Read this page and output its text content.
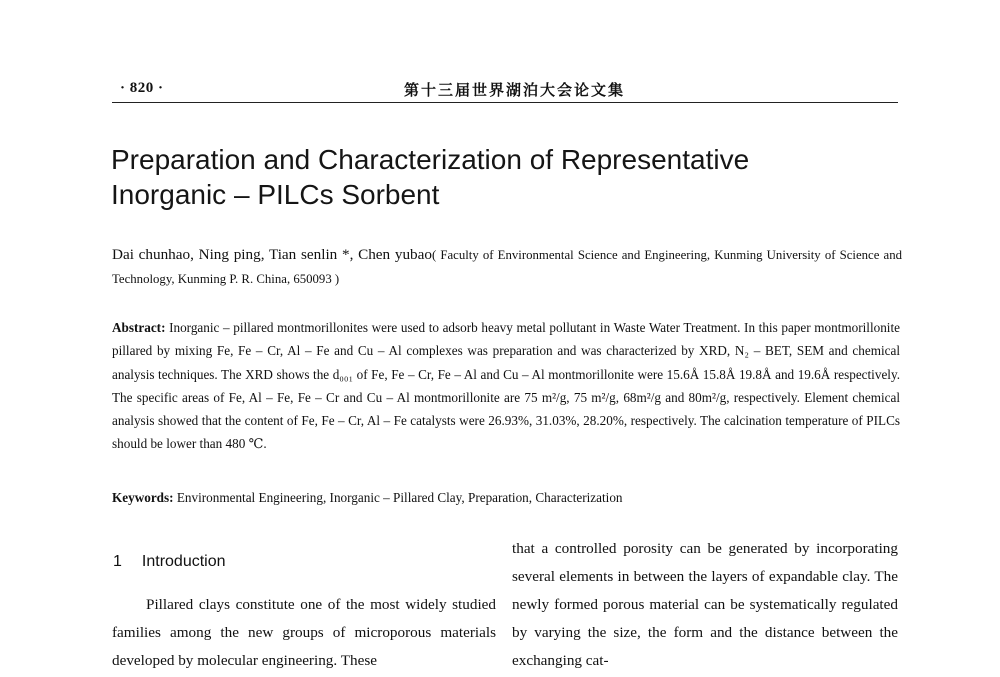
· 820 ·	第十三届世界湖泊大会论文集
Preparation and Characterization of Representative
Inorganic – PILCs Sorbent
Dai chunhao, Ning ping, Tian senlin *, Chen yubao( Faculty of Environmental Science and Engineering, Kunming University of Science and Technology, Kunming P. R. China, 650093 )
Abstract: Inorganic – pillared montmorillonites were used to adsorb heavy metal pollutant in Waste Water Treatment. In this paper montmorillonite pillared by mixing Fe, Fe – Cr, Al – Fe and Cu – Al complexes was preparation and was characterized by XRD, N₂ – BET, SEM and chemical analysis techniques. The XRD shows the d₀₀₁ of Fe, Fe – Cr, Fe – Al and Cu – Al montmorillonite were 15.6Å 15.8Å 19.8Å and 19.6Å respectively. The specific areas of Fe, Al – Fe, Fe – Cr and Cu – Al montmorillonite are 75 m²/g, 75 m²/g, 68m²/g and 80m²/g, respectively. Element chemical analysis showed that the content of Fe, Fe – Cr, Al – Fe catalysts were 26.93%, 31.03%, 28.20%, respectively. The calcination temperature of PILCs should be lower than 480 ℃.
Keywords: Environmental Engineering, Inorganic – Pillared Clay, Preparation, Characterization
1 Introduction
Pillared clays constitute one of the most widely studied families among the new groups of microporous materials developed by molecular engineering. These
that a controlled porosity can be generated by incorporating several elements in between the layers of expandable clay. The newly formed porous material can be systematically regulated by varying the size, the form and the distance between the exchanging cat-
